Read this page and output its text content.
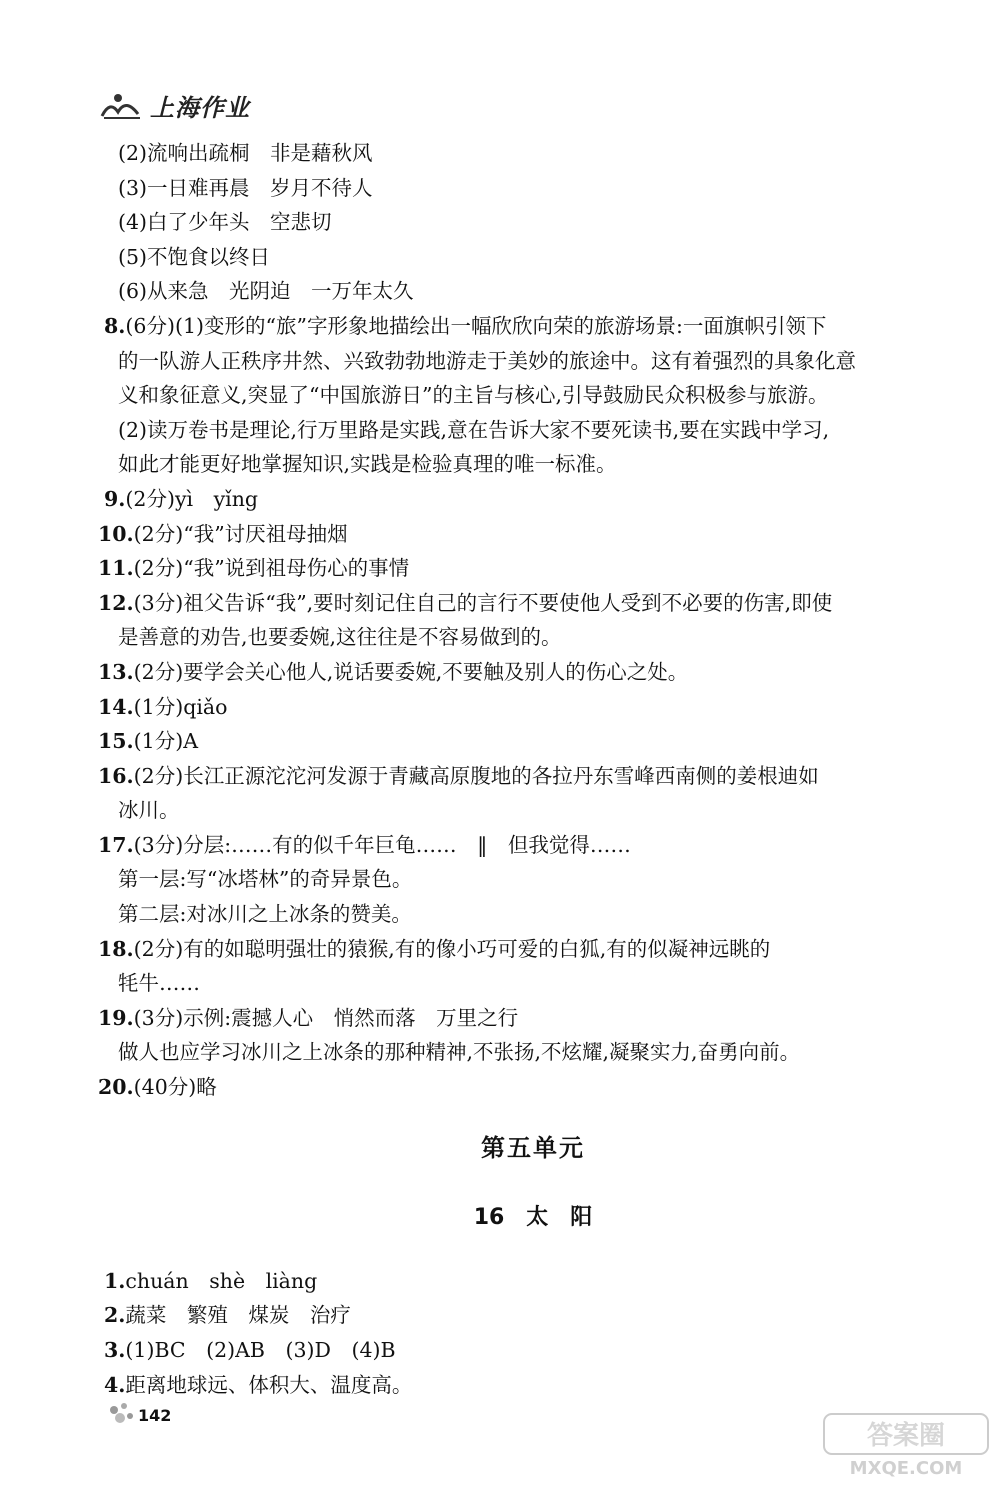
上海作业
(2)流响出疏桐　非是藉秋风
(3)一日难再晨　岁月不待人
(4)白了少年头　空悲切
(5)不饱食以终日
(6)从来急　光阴迫　一万年太久
8.(6分)(1)变形的“旅”字形象地描绘出一幅欣欣向荣的旅游场景:一面旗帜引领下
的一队游人正秩序井然、兴致勃勃地游走于美妙的旅途中。这有着强烈的具象化意
义和象征意义,突显了“中国旅游日”的主旨与核心,引导鼓励民众积极参与旅游。
(2)读万卷书是理论,行万里路是实践,意在告诉大家不要死读书,要在实践中学习,
如此才能更好地掌握知识,实践是检验真理的唯一标准。
9.(2分)yì　yǐng
10.(2分)“我”讨厌祖母抽烟
11.(2分)“我”说到祖母伤心的事情
12.(3分)祖父告诉“我”,要时刻记住自己的言行不要使他人受到不必要的伤害,即使
是善意的劝告,也要委婉,这往往是不容易做到的。
13.(2分)要学会关心他人,说话要委婉,不要触及别人的伤心之处。
14.(1分)qiǎo
15.(1分)A
16.(2分)长江正源沱沱河发源于青藏高原腹地的各拉丹东雪峰西南侧的姜根迪如
冰川。
17.(3分)分层:……有的似千年巨龟……　‖　但我觉得……
第一层:写“冰塔林”的奇异景色。
第二层:对冰川之上冰条的赞美。
18.(2分)有的如聪明强壮的猿猴,有的像小巧可爱的白狐,有的似凝神远眺的
牦牛……
19.(3分)示例:震撼人心　悄然而落　万里之行
做人也应学习冰川之上冰条的那种精神,不张扬,不炫耀,凝聚实力,奋勇向前。
20.(40分)略
第五单元
16　太　阳
1.chuán　shè　liàng
2.蔬菜　繁殖　煤炭　治疗
3.(1)BC　(2)AB　(3)D　(4)B
4.距离地球远、体积大、温度高。
142
答案圈
MXQE.COM
